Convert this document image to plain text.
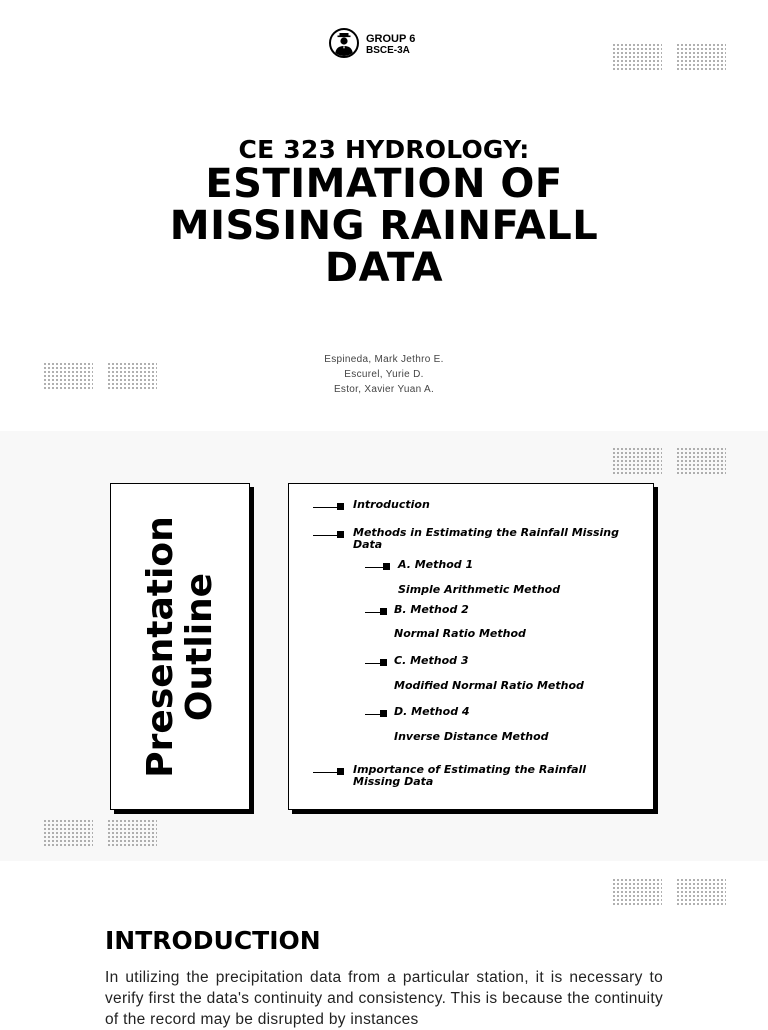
GROUP 6
BSCE-3A
CE 323 HYDROLOGY:
ESTIMATION OF
MISSING RAINFALL
DATA
Espineda, Mark Jethro E.
Escurel, Yurie D.
Estor, Xavier Yuan A.
Presentation
Outline
Introduction
Methods in Estimating the Rainfall Missing
Data
A. Method 1
Simple Arithmetic Method
B. Method 2
Normal Ratio Method
C. Method 3
Modified Normal Ratio Method
D. Method 4
Inverse Distance Method
Importance of Estimating the Rainfall
Missing Data
INTRODUCTION
In utilizing the precipitation data from a particular station, it is necessary to verify first the data's continuity and consistency. This is because the continuity of the record may be disrupted by instances
